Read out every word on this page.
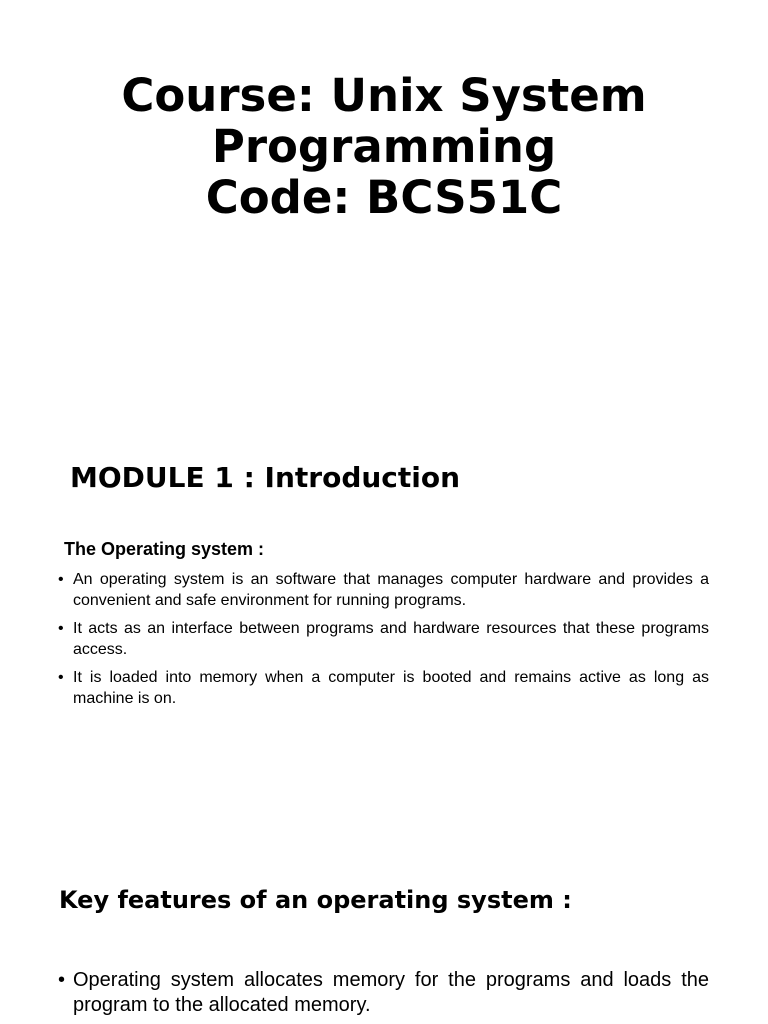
Course: Unix System
Programming
Code: BCS51C
MODULE 1 : Introduction
The Operating system :
• An operating system is an software that manages computer hardware and provides a convenient and safe environment for running programs.
• It acts as an interface between programs and hardware resources that these programs access.
• It is loaded into memory when a computer is booted and remains active as long as machine is on.
Key features of an operating system :
• Operating system allocates memory for the programs and loads the program to the allocated memory.
